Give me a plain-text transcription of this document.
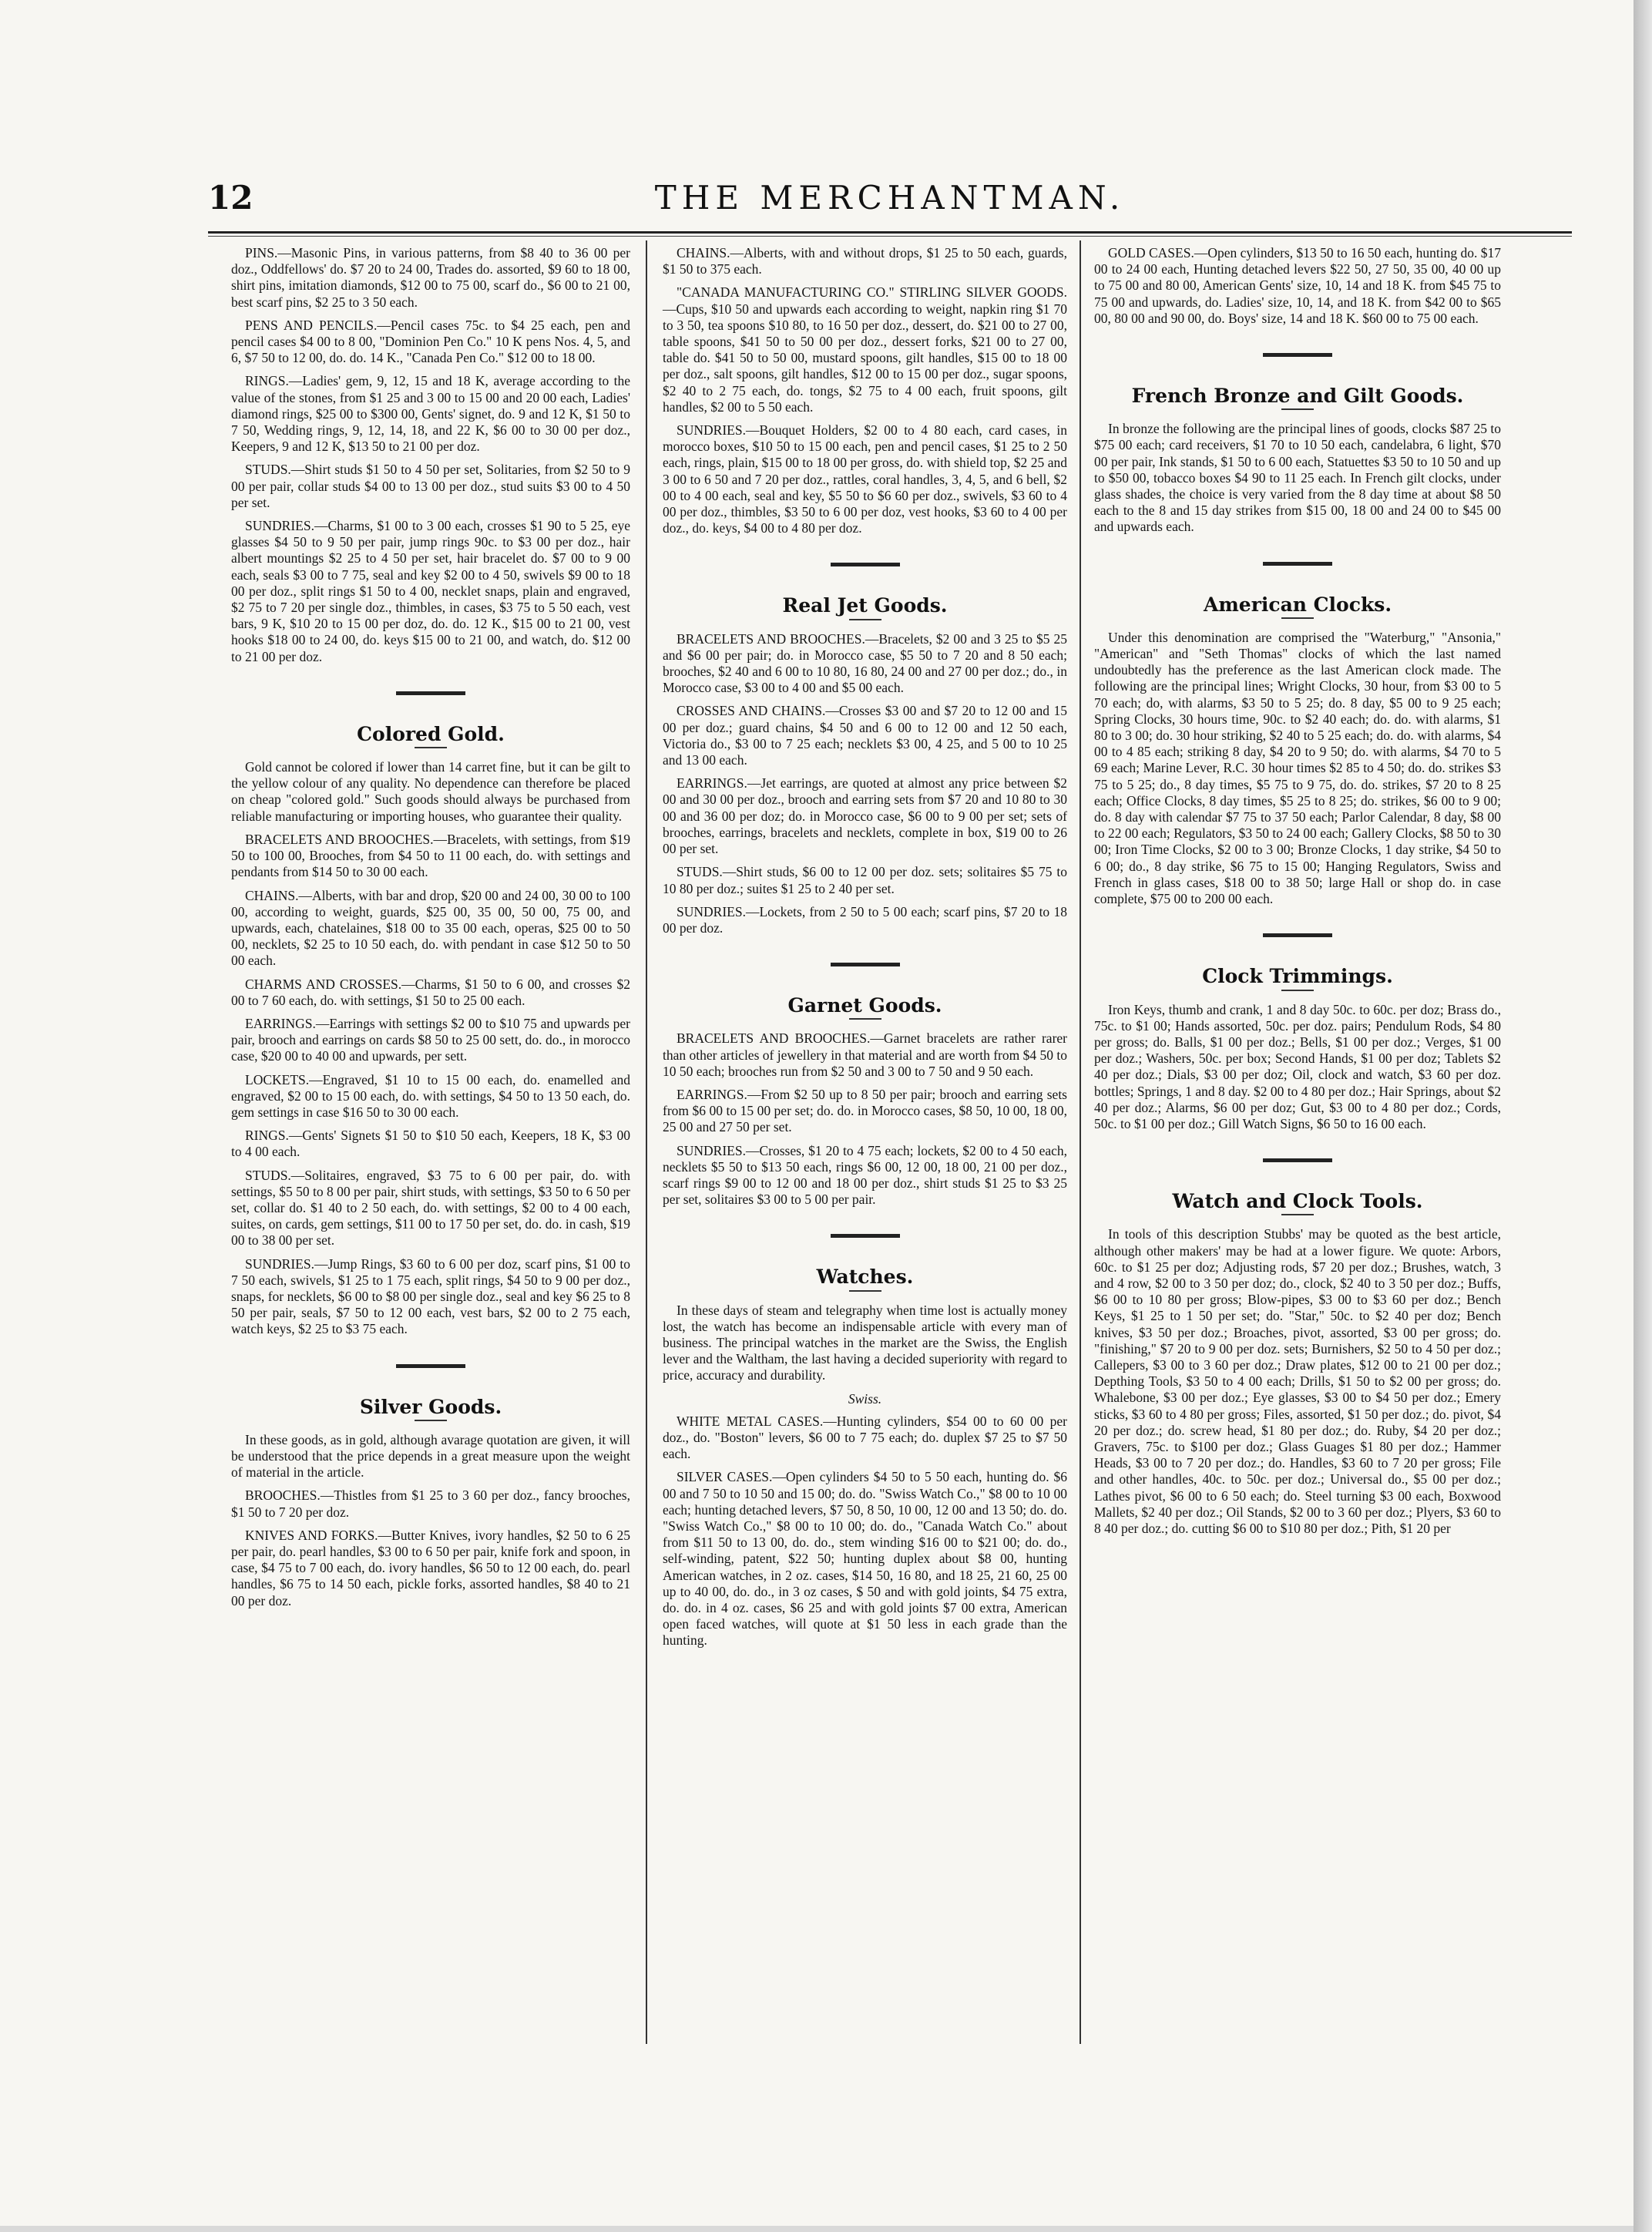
THE MERCHANTMAN.
12

PINS.—Masonic Pins, in various patterns, from $8 40 to 36 00 per doz., Oddfellows' do. $7 20 to 24 00, Trades do. assorted, $9 60 to 18 00, shirt pins, imitation diamonds, $12 00 to 75 00, scarf do., $6 00 to 21 00, best scarf pins, $2 25 to 3 50 each.

PENS AND PENCILS.—Pencil cases 75c. to $4 25 each, pen and pencil cases $4 00 to 8 00, "Dominion Pen Co." 10 K pens Nos. 4, 5, and 6, $7 50 to 12 00, do. do. 14 K., "Canada Pen Co." $12 00 to 18 00.

RINGS.—Ladies' gem, 9, 12, 15 and 18 K, average according to the value of the stones, from $1 25 and 3 00 to 15 00 and 20 00 each, Ladies' diamond rings, $25 00 to $300 00, Gents' signet, do. 9 and 12 K, $1 50 to 7 50, Wedding rings, 9, 12, 14, 18, and 22 K, $6 00 to 30 00 per doz., Keepers, 9 and 12 K, $13 50 to 21 00 per doz.

STUDS.—Shirt studs $1 50 to 4 50 per set, Solitaries, from $2 50 to 9 00 per pair, collar studs $4 00 to 13 00 per doz., stud suits $3 00 to 4 50 per set.

SUNDRIES.—Charms, $1 00 to 3 00 each, crosses $1 90 to 5 25, eye glasses $4 50 to 9 50 per pair, jump rings 90c. to $3 00 per doz., hair albert mountings $2 25 to 4 50 per set, hair bracelet do. $7 00 to 9 00 each, seals $3 00 to 7 75, seal and key $2 00 to 4 50, swivels $9 00 to 18 00 per doz., split rings $1 50 to 4 00, necklet snaps, plain and engraved, $2 75 to 7 20 per single doz., thimbles, in cases, $3 75 to 5 50 each, vest bars, 9 K, $10 20 to 15 00 per doz, do. do. 12 K., $15 00 to 21 00, vest hooks $18 00 to 24 00, do. keys $15 00 to 21 00, and watch, do. $12 00 to 21 00 per doz.

Colored Gold.

Gold cannot be colored if lower than 14 carret fine, but it can be gilt to the yellow colour of any quality. No dependence can therefore be placed on cheap "colored gold." Such goods should always be purchased from reliable manufacturing or importing houses, who guarantee their quality.

BRACELETS AND BROOCHES.—Bracelets, with settings, from $19 50 to 100 00, Brooches, from $4 50 to 11 00 each, do. with settings and pendants from $14 50 to 30 00 each.

CHAINS.—Alberts, with bar and drop, $20 00 and 24 00, 30 00 to 100 00, according to weight, guards, $25 00, 35 00, 50 00, 75 00, and upwards, each, chatelaines, $18 00 to 35 00 each, operas, $25 00 to 50 00, necklets, $2 25 to 10 50 each, do. with pendant in case $12 50 to 50 00 each.

CHARMS AND CROSSES.—Charms, $1 50 to 6 00, and crosses $2 00 to 7 60 each, do. with settings, $1 50 to 25 00 each.

EARRINGS.—Earrings with settings $2 00 to $10 75 and upwards per pair, brooch and earrings on cards $8 50 to 25 00 sett, do. do., in morocco case, $20 00 to 40 00 and upwards, per sett.

LOCKETS.—Engraved, $1 10 to 15 00 each, do. enamelled and engraved, $2 00 to 15 00 each, do. with settings, $4 50 to 13 50 each, do. gem settings in case $16 50 to 30 00 each.

RINGS.—Gents' Signets $1 50 to $10 50 each, Keepers, 18 K, $3 00 to 4 00 each.

STUDS.—Solitaires, engraved, $3 75 to 6 00 per pair, do. with settings, $5 50 to 8 00 per pair, shirt studs, with settings, $3 50 to 6 50 per set, collar do. $1 40 to 2 50 each, do. with settings, $2 00 to 4 00 each, suites, on cards, gem settings, $11 00 to 17 50 per set, do. do. in cash, $19 00 to 38 00 per set.

SUNDRIES.—Jump Rings, $3 60 to 6 00 per doz, scarf pins, $1 00 to 7 50 each, swivels, $1 25 to 1 75 each, split rings, $4 50 to 9 00 per doz., snaps, for necklets, $6 00 to $8 00 per single doz., seal and key $6 25 to 8 50 per pair, seals, $7 50 to 12 00 each, vest bars, $2 00 to 2 75 each, watch keys, $2 25 to $3 75 each.

Silver Goods.

In these goods, as in gold, although avarage quotation are given, it will be understood that the price depends in a great measure upon the weight of material in the article.

BROOCHES.—Thistles from $1 25 to 3 60 per doz., fancy brooches, $1 50 to 7 20 per doz.

KNIVES AND FORKS.—Butter Knives, ivory handles, $2 50 to 6 25 per pair, do. pearl handles, $3 00 to 6 50 per pair, knife fork and spoon, in case, $4 75 to 7 00 each, do. ivory handles, $6 50 to 12 00 each, do. pearl handles, $6 75 to 14 50 each, pickle forks, assorted handles, $8 40 to 21 00 per doz.

CHAINS.—Alberts, with and without drops, $1 25 to 50 each, guards, $1 50 to 375 each.

"CANADA MANUFACTURING CO." STIRLING SILVER GOODS.—Cups, $10 50 and upwards each according to weight, napkin ring $1 70 to 3 50, tea spoons $10 80, to 16 50 per doz., dessert, do. $21 00 to 27 00, table spoons, $41 50 to 50 00 per doz., dessert forks, $21 00 to 27 00, table do. $41 50 to 50 00, mustard spoons, gilt handles, $15 00 to 18 00 per doz., salt spoons, gilt handles, $12 00 to 15 00 per doz., sugar spoons, $2 40 to 2 75 each, do. tongs, $2 75 to 4 00 each, fruit spoons, gilt handles, $2 00 to 5 50 each.

SUNDRIES.—Bouquet Holders, $2 00 to 4 80 each, card cases, in morocco boxes, $10 50 to 15 00 each, pen and pencil cases, $1 25 to 2 50 each, rings, plain, $15 00 to 18 00 per gross, do. with shield top, $2 25 and 3 00 to 6 50 and 7 20 per doz., rattles, coral handles, 3, 4, 5, and 6 bell, $2 00 to 4 00 each, seal and key, $5 50 to $6 60 per doz., swivels, $3 60 to 4 00 per doz., thimbles, $3 50 to 6 00 per doz, vest hooks, $3 60 to 4 00 per doz., do. keys, $4 00 to 4 80 per doz.

Real Jet Goods.

BRACELETS AND BROOCHES.—Bracelets, $2 00 and 3 25 to $5 25 and $6 00 per pair; do. in Morocco case, $5 50 to 7 20 and 8 50 each; brooches, $2 40 and 6 00 to 10 80, 16 80, 24 00 and 27 00 per doz.; do., in Morocco case, $3 00 to 4 00 and $5 00 each.

CROSSES AND CHAINS.—Crosses $3 00 and $7 20 to 12 00 and 15 00 per doz.; guard chains, $4 50 and 6 00 to 12 00 and 12 50 each, Victoria do., $3 00 to 7 25 each; necklets $3 00, 4 25, and 5 00 to 10 25 and 13 00 each.

EARRINGS.—Jet earrings, are quoted at almost any price between $2 00 and 30 00 per doz., brooch and earring sets from $7 20 and 10 80 to 30 00 and 36 00 per doz; do. in Morocco case, $6 00 to 9 00 per set; sets of brooches, earrings, bracelets and necklets, complete in box, $19 00 to 26 00 per set.

STUDS.—Shirt studs, $6 00 to 12 00 per doz. sets; solitaires $5 75 to 10 80 per doz.; suites $1 25 to 2 40 per set.

SUNDRIES.—Lockets, from 2 50 to 5 00 each; scarf pins, $7 20 to 18 00 per doz.

Garnet Goods.

BRACELETS AND BROOCHES.—Garnet bracelets are rather rarer than other articles of jewellery in that material and are worth from $4 50 to 10 50 each; brooches run from $2 50 and 3 00 to 7 50 and 9 50 each.

EARRINGS.—From $2 50 up to 8 50 per pair; brooch and earring sets from $6 00 to 15 00 per set; do. do. in Morocco cases, $8 50, 10 00, 18 00, 25 00 and 27 50 per set.

SUNDRIES.—Crosses, $1 20 to 4 75 each; lockets, $2 00 to 4 50 each, necklets $5 50 to $13 50 each, rings $6 00, 12 00, 18 00, 21 00 per doz., scarf rings $9 00 to 12 00 and 18 00 per doz., shirt studs $1 25 to $3 25 per set, solitaires $3 00 to 5 00 per pair.

Watches.

In these days of steam and telegraphy when time lost is actually money lost, the watch has become an indispensable article with every man of business. The principal watches in the market are the Swiss, the English lever and the Waltham, the last having a decided superiority with regard to price, accuracy and durability.

Swiss.

WHITE METAL CASES.—Hunting cylinders, $54 00 to 60 00 per doz., do. "Boston" levers, $6 00 to 7 75 each; do. duplex $7 25 to $7 50 each.

SILVER CASES.—Open cylinders $4 50 to 5 50 each, hunting do. $6 00 and 7 50 to 10 50 and 15 00; do. do. "Swiss Watch Co.," $8 00 to 10 00 each; hunting detached levers, $7 50, 8 50, 10 00, 12 00 and 13 50; do. do. "Swiss Watch Co.," $8 00 to 10 00; do. do., "Canada Watch Co." about from $11 50 to 13 00, do. do., stem winding $16 00 to $21 00; do. do., self-winding, patent, $22 50; hunting duplex about $8 00, hunting American watches, in 2 oz. cases, $14 50, 16 80, and 18 25, 21 60, 25 00 up to 40 00, do. do., in 3 oz cases, $ 50 and with gold joints, $4 75 extra, do. do. in 4 oz. cases, $6 25 and with gold joints $7 00 extra, American open faced watches, will quote at $1 50 less in each grade than the hunting.

GOLD CASES.—Open cylinders, $13 50 to 16 50 each, hunting do. $17 00 to 24 00 each, Hunting detached levers $22 50, 27 50, 35 00, 40 00 up to 75 00 and 80 00, American Gents' size, 10, 14 and 18 K. from $45 75 to 75 00 and upwards, do. Ladies' size, 10, 14, and 18 K. from $42 00 to $65 00, 80 00 and 90 00, do. Boys' size, 14 and 18 K. $60 00 to 75 00 each.

French Bronze and Gilt Goods.

In bronze the following are the principal lines of goods, clocks $87 25 to $75 00 each; card receivers, $1 70 to 10 50 each, candelabra, 6 light, $70 00 per pair, Ink stands, $1 50 to 6 00 each, Statuettes $3 50 to 10 50 and up to $50 00, tobacco boxes $4 90 to 11 25 each. In French gilt clocks, under glass shades, the choice is very varied from the 8 day time at about $8 50 each to the 8 and 15 day strikes from $15 00, 18 00 and 24 00 to $45 00 and upwards each.

American Clocks.

Under this denomination are comprised the "Waterburg," "Ansonia," "American" and "Seth Thomas" clocks of which the last named undoubtedly has the preference as the last American clock made. The following are the principal lines; Wright Clocks, 30 hour, from $3 00 to 5 70 each; do, with alarms, $3 50 to 5 25; do. 8 day, $5 00 to 9 25 each; Spring Clocks, 30 hours time, 90c. to $2 40 each; do. do. with alarms, $1 80 to 3 00; do. 30 hour striking, $2 40 to 5 25 each; do. do. with alarms, $4 00 to 4 85 each; striking 8 day, $4 20 to 9 50; do. with alarms, $4 70 to 5 69 each; Marine Lever, R.C. 30 hour times $2 85 to 4 50; do. do. strikes $3 75 to 5 25; do., 8 day times, $5 75 to 9 75, do. do. strikes, $7 20 to 8 25 each; Office Clocks, 8 day times, $5 25 to 8 25; do. strikes, $6 00 to 9 00; do. 8 day with calendar $7 75 to 37 50 each; Parlor Calendar, 8 day, $8 00 to 22 00 each; Regulators, $3 50 to 24 00 each; Gallery Clocks, $8 50 to 30 00; Iron Time Clocks, $2 00 to 3 00; Bronze Clocks, 1 day strike, $4 50 to 6 00; do., 8 day strike, $6 75 to 15 00; Hanging Regulators, Swiss and French in glass cases, $18 00 to 38 50; large Hall or shop do. in case complete, $75 00 to 200 00 each.

Clock Trimmings.

Iron Keys, thumb and crank, 1 and 8 day 50c. to 60c. per doz; Brass do., 75c. to $1 00; Hands assorted, 50c. per doz. pairs; Pendulum Rods, $4 80 per gross; do. Balls, $1 00 per doz.; Bells, $1 00 per doz.; Verges, $1 00 per doz.; Washers, 50c. per box; Second Hands, $1 00 per doz; Tablets $2 40 per doz.; Dials, $3 00 per doz; Oil, clock and watch, $3 60 per doz. bottles; Springs, 1 and 8 day. $2 00 to 4 80 per doz.; Hair Springs, about $2 40 per doz.; Alarms, $6 00 per doz; Gut, $3 00 to 4 80 per doz.; Cords, 50c. to $1 00 per doz.; Gill Watch Signs, $6 50 to 16 00 each.

Watch and Clock Tools.

In tools of this description Stubbs' may be quoted as the best article, although other makers' may be had at a lower figure. We quote: Arbors, 60c. to $1 25 per doz; Adjusting rods, $7 20 per doz.; Brushes, watch, 3 and 4 row, $2 00 to 3 50 per doz; do., clock, $2 40 to 3 50 per doz.; Buffs, $6 00 to 10 80 per gross; Blow-pipes, $3 00 to $3 60 per doz.; Bench Keys, $1 25 to 1 50 per set; do. "Star," 50c. to $2 40 per doz; Bench knives, $3 50 per doz.; Broaches, pivot, assorted, $3 00 per gross; do. "finishing," $7 20 to 9 00 per doz. sets; Burnishers, $2 50 to 4 50 per doz.; Callepers, $3 00 to 3 60 per doz.; Draw plates, $12 00 to 21 00 per doz.; Depthing Tools, $3 50 to 4 00 each; Drills, $1 50 to $2 00 per gross; do. Whalebone, $3 00 per doz.; Eye glasses, $3 00 to $4 50 per doz.; Emery sticks, $3 60 to 4 80 per gross; Files, assorted, $1 50 per doz.; do. pivot, $4 20 per doz.; do. screw head, $1 80 per doz.; do. Ruby, $4 20 per doz.; Gravers, 75c. to $100 per doz.; Glass Guages $1 80 per doz.; Hammer Heads, $3 00 to 7 20 per doz.; do. Handles, $3 60 to 7 20 per gross; File and other handles, 40c. to 50c. per doz.; Universal do., $5 00 per doz.; Lathes pivot, $6 00 to 6 50 each; do. Steel turning $3 00 each, Boxwood Mallets, $2 40 per doz.; Oil Stands, $2 00 to 3 60 per doz.; Plyers, $3 60 to 8 40 per doz.; do. cutting $6 00 to $10 80 per doz.; Pith, $1 20 per
